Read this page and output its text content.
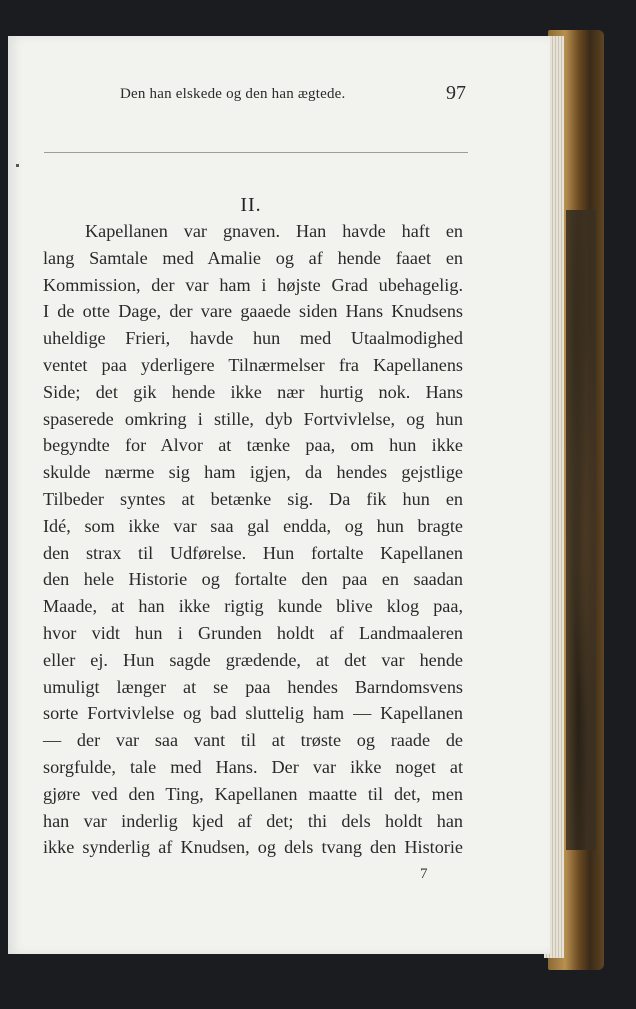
Den han elskede og den han ægtede.	97
II.
Kapellanen var gnaven. Han havde haft en
lang Samtale med Amalie og af hende faaet en
Kommission, der var ham i højste Grad ubehagelig.
I de otte Dage, der vare gaaede siden Hans Knudsens
uheldige Frieri, havde hun med Utaalmodighed
ventet paa yderligere Tilnærmelser fra Kapellanens
Side; det gik hende ikke nær hurtig nok. Hans
spaserede omkring i stille, dyb Fortvivlelse, og hun
begyndte for Alvor at tænke paa, om hun ikke
skulde nærme sig ham igjen, da hendes gejstlige
Tilbeder syntes at betænke sig. Da fik hun en
Idé, som ikke var saa gal endda, og hun bragte
den strax til Udførelse. Hun fortalte Kapellanen
den hele Historie og fortalte den paa en saadan
Maade, at han ikke rigtig kunde blive klog paa,
hvor vidt hun i Grunden holdt af Landmaaleren
eller ej. Hun sagde grædende, at det var hende
umuligt længer at se paa hendes Barndomsvens
sorte Fortvivlelse og bad sluttelig ham — Kapellanen
— der var saa vant til at trøste og raade de
sorgfulde, tale med Hans. Der var ikke noget at
gjøre ved den Ting, Kapellanen maatte til det, men
han var inderlig kjed af det; thi dels holdt han
ikke synderlig af Knudsen, og dels tvang den Historie
7
